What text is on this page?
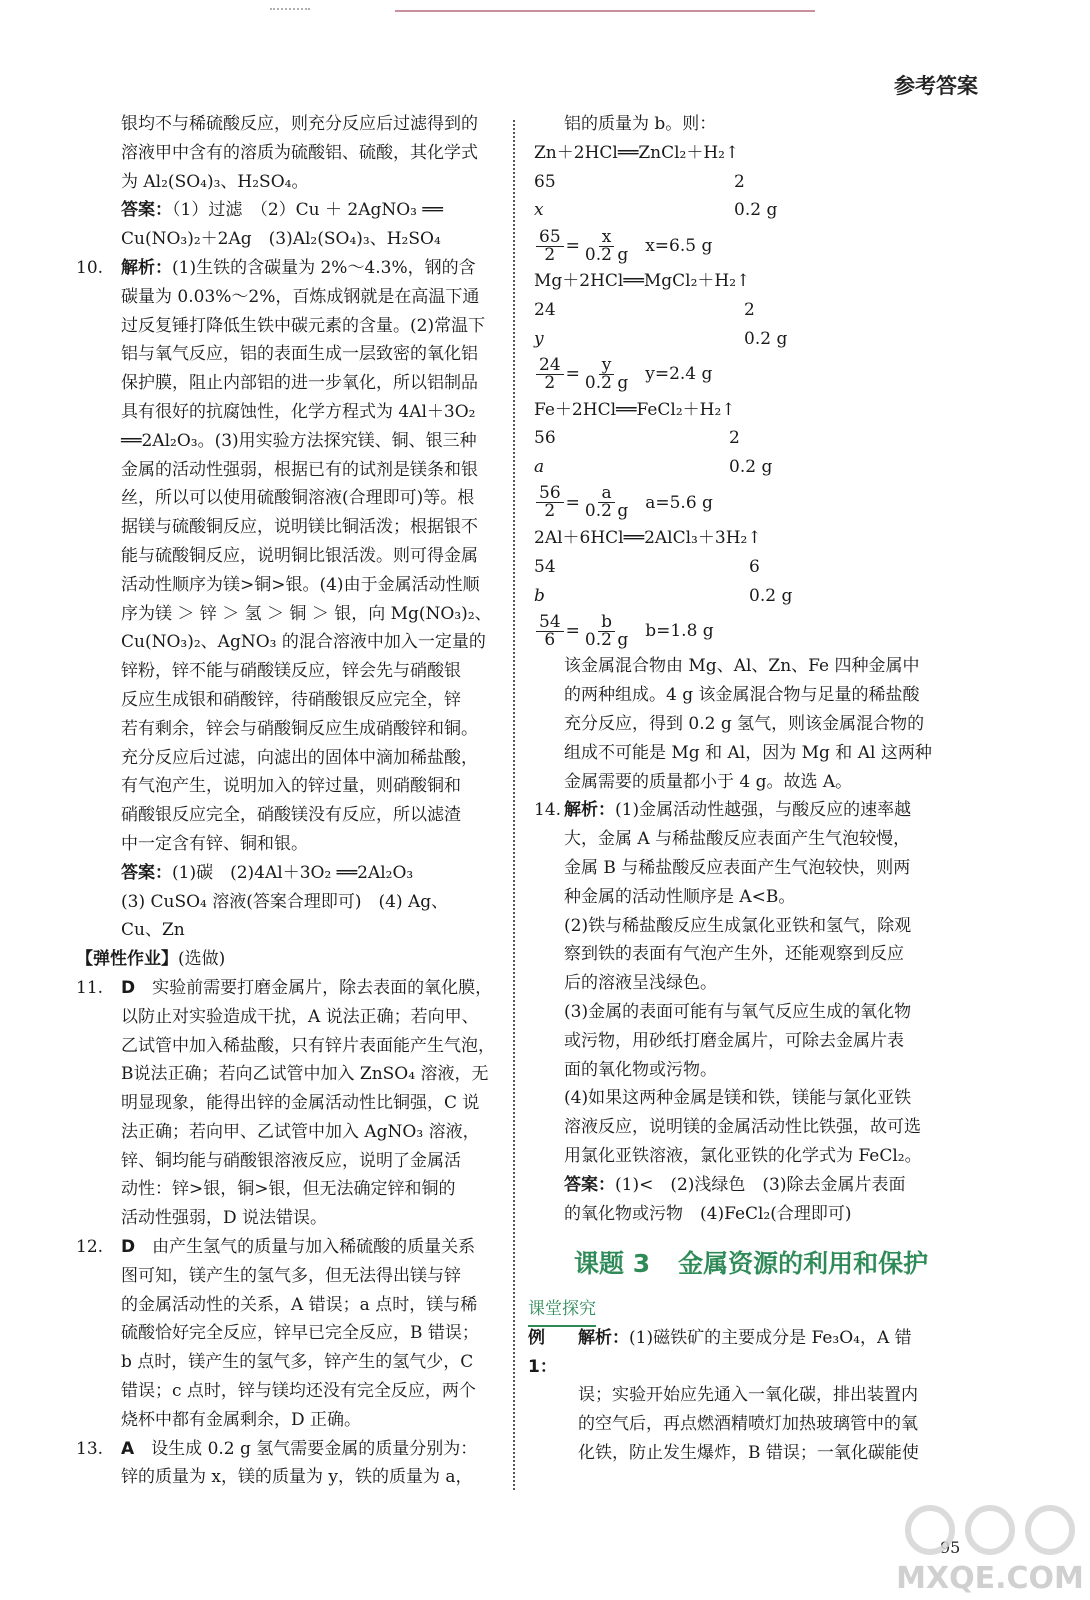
参考答案
银均不与稀硫酸反应，则充分反应后过滤得到的
溶液甲中含有的溶质为硫酸铝、硫酸，其化学式
为 Al₂(SO₄)₃、H₂SO₄。
答案：（1）过滤　（2）Cu ＋ 2AgNO₃ ══
Cu(NO₃)₂＋2Ag　(3)Al₂(SO₄)₃、H₂SO₄
10.	解析：(1)生铁的含碳量为 2%～4.3%，钢的含
碳量为 0.03%～2%，百炼成钢就是在高温下通
过反复锤打降低生铁中碳元素的含量。(2)常温下
铝与氧气反应，铝的表面生成一层致密的氧化铝
保护膜，阻止内部铝的进一步氧化，所以铝制品
具有很好的抗腐蚀性，化学方程式为 4Al＋3O₂
══2Al₂O₃。(3)用实验方法探究镁、铜、银三种
金属的活动性强弱，根据已有的试剂是镁条和银
丝，所以可以使用硫酸铜溶液(合理即可)等。根
据镁与硫酸铜反应，说明镁比铜活泼；根据银不
能与硫酸铜反应，说明铜比银活泼。则可得金属
活动性顺序为镁>铜>银。(4)由于金属活动性顺
序为镁 ＞ 锌 ＞ 氢 ＞ 铜 ＞ 银，向 Mg(NO₃)₂、
Cu(NO₃)₂、AgNO₃ 的混合溶液中加入一定量的
锌粉，锌不能与硝酸镁反应，锌会先与硝酸银
反应生成银和硝酸锌，待硝酸银反应完全，锌
若有剩余，锌会与硝酸铜反应生成硝酸锌和铜。
充分反应后过滤，向滤出的固体中滴加稀盐酸，
有气泡产生，说明加入的锌过量，则硝酸铜和
硝酸银反应完全，硝酸镁没有反应，所以滤渣
中一定含有锌、铜和银。
答案：(1)碳　(2)4Al＋3O₂ ══2Al₂O₃
(3) CuSO₄ 溶液(答案合理即可)　(4) Ag、
Cu、Zn
【弹性作业】(选做)
11.	D　 实验前需要打磨金属片，除去表面的氧化膜，
以防止对实验造成干扰，A 说法正确；若向甲、
乙试管中加入稀盐酸，只有锌片表面能产生气泡，
B说法正确；若向乙试管中加入 ZnSO₄ 溶液，无
明显现象，能得出锌的金属活动性比铜强，C 说
法正确；若向甲、乙试管中加入 AgNO₃ 溶液，
锌、铜均能与硝酸银溶液反应，说明了金属活
动性：锌>银，铜>银，但无法确定锌和铜的
活动性强弱，D 说法错误。
12.	D　 由产生氢气的质量与加入稀硫酸的质量关系
图可知，镁产生的氢气多，但无法得出镁与锌
的金属活动性的关系，A 错误；a 点时，镁与稀
硫酸恰好完全反应，锌早已完全反应，B 错误；
b 点时，镁产生的氢气多，锌产生的氢气少，C
错误；c 点时，锌与镁均还没有完全反应，两个
烧杯中都有金属剩余，D 正确。
13.	A　 设生成 0.2 g 氢气需要金属的质量分别为：
锌的质量为 x，镁的质量为 y，铁的质量为 a，
铝的质量为 b。则：
Zn＋2HCl══ZnCl₂＋H₂↑
65	2
x	0.2 g
$\frac{65}{2} = \frac{x}{0.2 g} x=6.5$ g
Mg＋2HCl══MgCl₂＋H₂↑
24	2
y	0.2 g
$\frac{24}{2} = \frac{y}{0.2 g} y=2.4$ g
Fe＋2HCl══FeCl₂＋H₂↑
56	2
a	0.2 g
$\frac{56}{2} = \frac{a}{0.2 g} a=5.6$ g
2Al＋6HCl══2AlCl₃＋3H₂↑
54	6
b	0.2 g
$\frac{54}{6} = \frac{b}{0.2 g} b=1.8$ g
该金属混合物由 Mg、Al、Zn、Fe 四种金属中
的两种组成。4 g 该金属混合物与足量的稀盐酸
充分反应，得到 0.2 g 氢气，则该金属混合物的
组成不可能是 Mg 和 Al，因为 Mg 和 Al 这两种
金属需要的质量都小于 4 g。故选 A。
14. 解析：(1)金属活动性越强，与酸反应的速率越
大，金属 A 与稀盐酸反应表面产生气泡较慢，
金属 B 与稀盐酸反应表面产生气泡较快，则两
种金属的活动性顺序是 A<B。
(2)铁与稀盐酸反应生成氯化亚铁和氢气，除观
察到铁的表面有气泡产生外，还能观察到反应
后的溶液呈浅绿色。
(3)金属的表面可能有与氧气反应生成的氧化物
或污物，用砂纸打磨金属片，可除去金属片表
面的氧化物或污物。
(4)如果这两种金属是镁和铁，镁能与氯化亚铁
溶液反应，说明镁的金属活动性比铁强，故可选
用氯化亚铁溶液，氯化亚铁的化学式为 FeCl₂。
答案：(1)<　(2)浅绿色　(3)除去金属片表面
的氧化物或污物　(4)FeCl₂(合理即可)
课题 3 金属资源的利用和保护
课堂探究
例 1：
解析：(1)磁铁矿的主要成分是 Fe₃O₄，A 错
误；实验开始应先通入一氧化碳，排出装置内
的空气后，再点燃酒精喷灯加热玻璃管中的氧
化铁，防止发生爆炸，B 错误；一氧化碳能使
95
MXQE.COM
